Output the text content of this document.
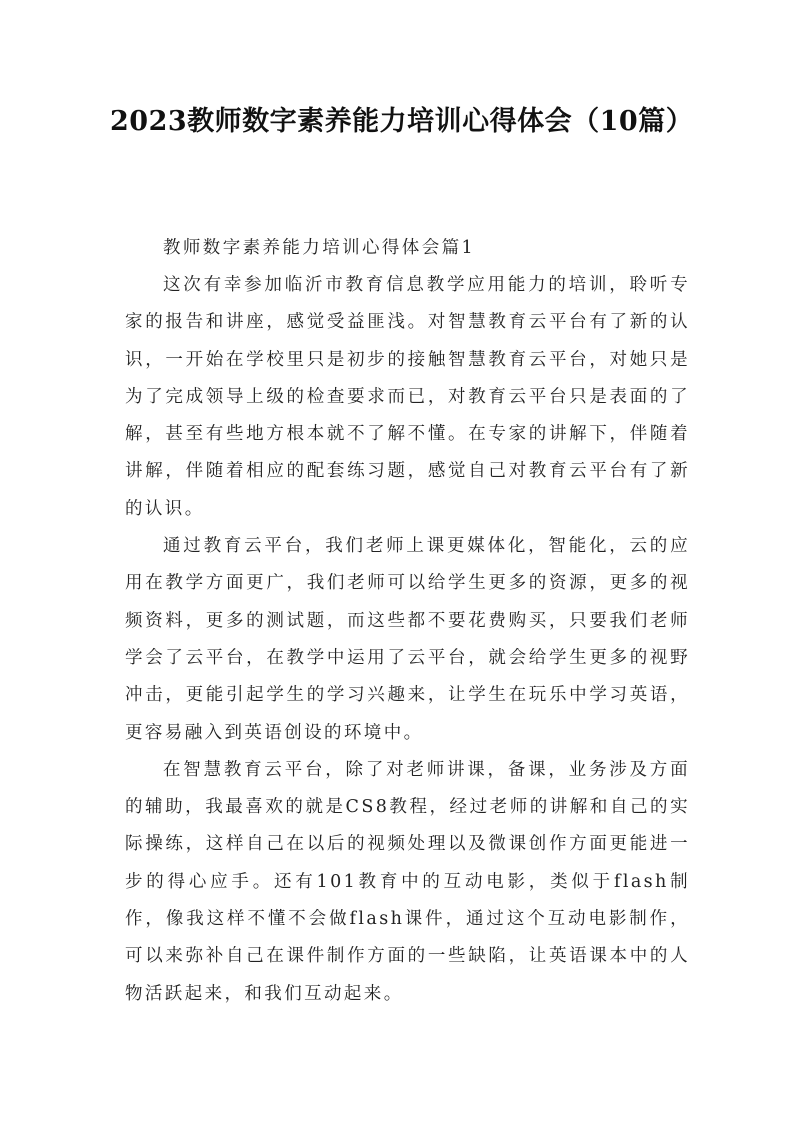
2023教师数字素养能力培训心得体会（10篇）

教师数字素养能力培训心得体会篇1

这次有幸参加临沂市教育信息教学应用能力的培训，聆听专家的报告和讲座，感觉受益匪浅。对智慧教育云平台有了新的认识，一开始在学校里只是初步的接触智慧教育云平台，对她只是为了完成领导上级的检查要求而已，对教育云平台只是表面的了解，甚至有些地方根本就不了解不懂。在专家的讲解下，伴随着讲解，伴随着相应的配套练习题，感觉自己对教育云平台有了新的认识。

通过教育云平台，我们老师上课更媒体化，智能化，云的应用在教学方面更广，我们老师可以给学生更多的资源，更多的视频资料，更多的测试题，而这些都不要花费购买，只要我们老师学会了云平台，在教学中运用了云平台，就会给学生更多的视野冲击，更能引起学生的学习兴趣来，让学生在玩乐中学习英语，更容易融入到英语创设的环境中。

在智慧教育云平台，除了对老师讲课，备课，业务涉及方面的辅助，我最喜欢的就是CS8教程，经过老师的讲解和自己的实际操练，这样自己在以后的视频处理以及微课创作方面更能进一步的得心应手。还有101教育中的互动电影，类似于flash制作，像我这样不懂不会做flash课件，通过这个互动电影制作，可以来弥补自己在课件制作方面的一些缺陷，让英语课本中的人物活跃起来，和我们互动起来。
